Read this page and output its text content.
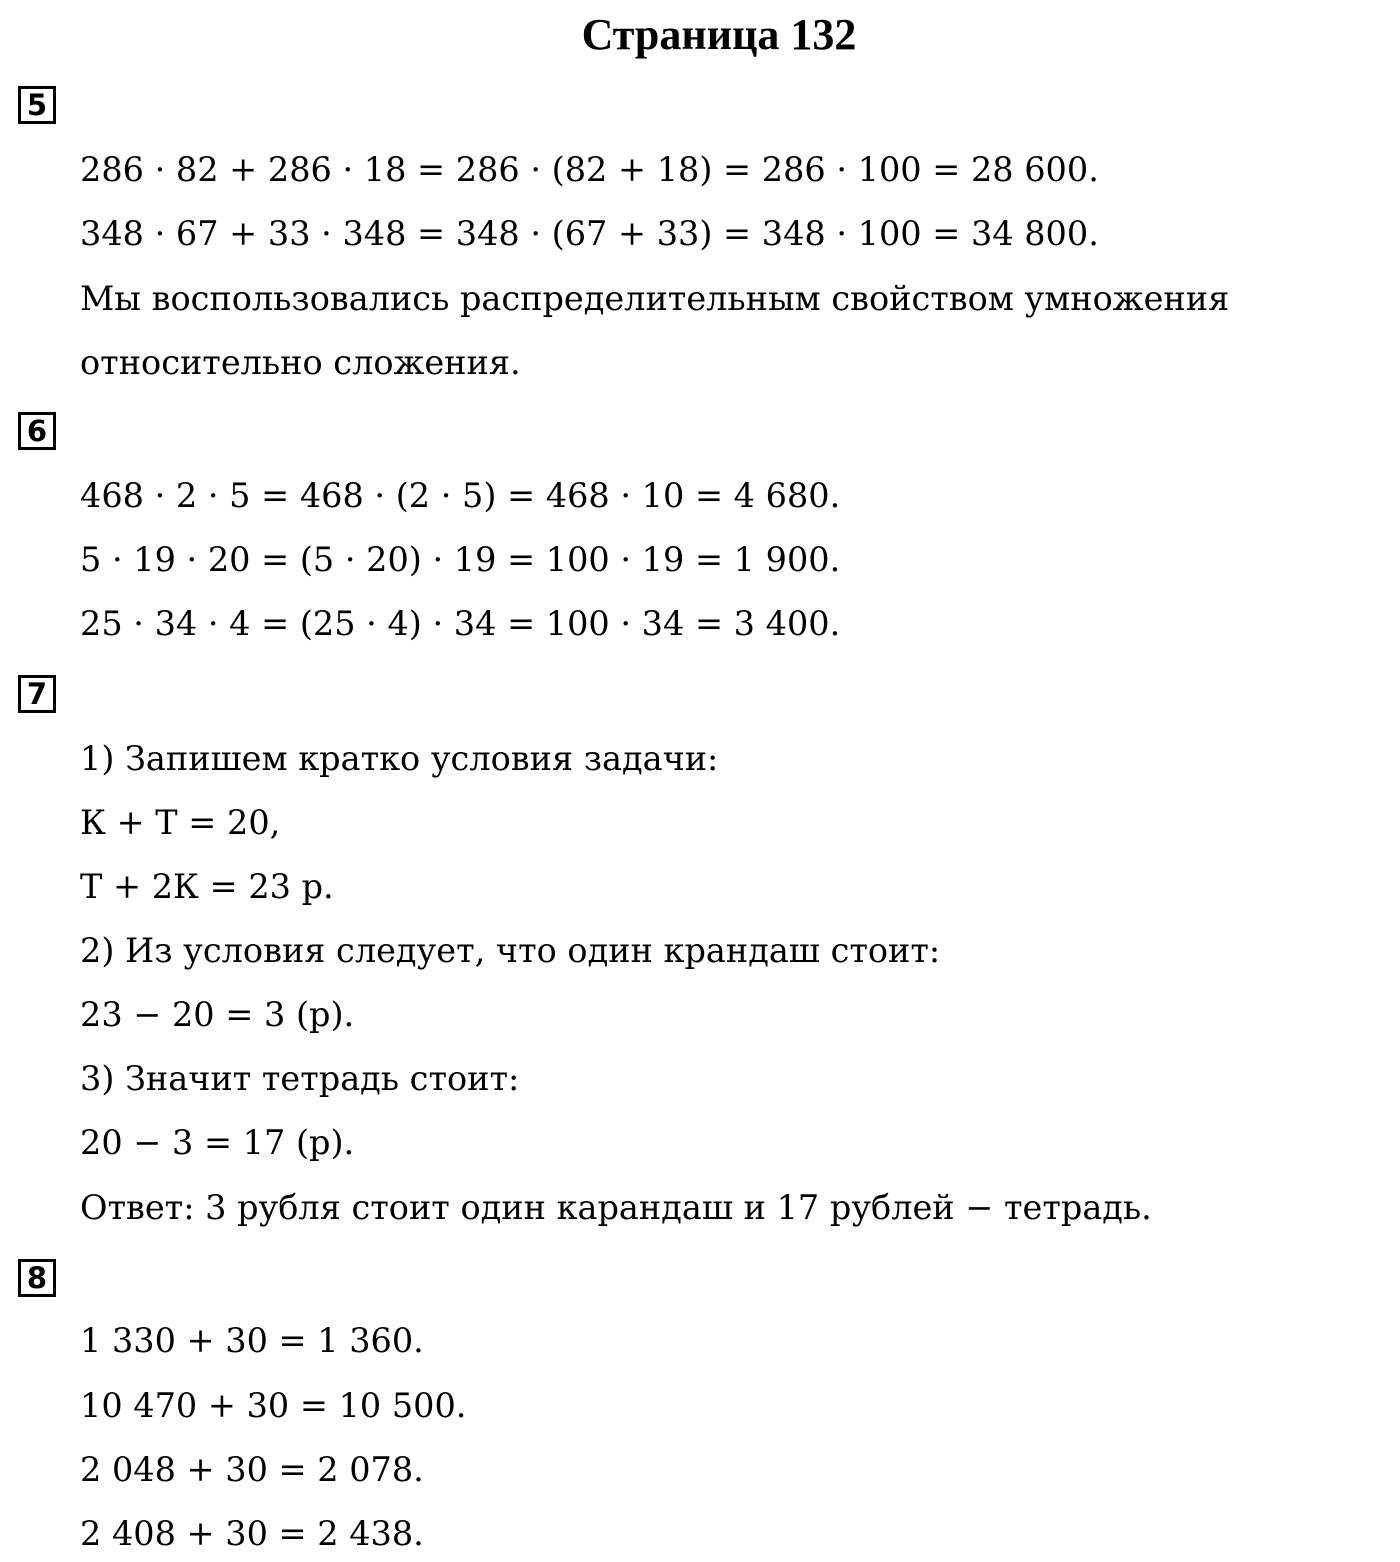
Страница 132
5
286 · 82 + 286 · 18 = 286 · (82 + 18) = 286 · 100 = 28 600.
348 · 67 + 33 · 348 = 348 · (67 + 33) = 348 · 100 = 34 800.
Мы воспользовались распределительным свойством умножения
относительно сложения.
6
468 · 2 · 5 = 468 · (2 · 5) = 468 · 10 = 4 680.
5 · 19 · 20 = (5 · 20) · 19 = 100 · 19 = 1 900.
25 · 34 · 4 = (25 · 4) · 34 = 100 · 34 = 3 400.
7
1) Запишем кратко условия задачи:
К + Т = 20,
Т + 2К = 23 р.
2) Из условия следует, что один крандаш стоит:
23 − 20 = 3 (р).
3) Значит тетрадь стоит:
20 − 3 = 17 (р).
Ответ: 3 рубля стоит один карандаш и 17 рублей − тетрадь.
8
1 330 + 30 = 1 360.
10 470 + 30 = 10 500.
2 048 + 30 = 2 078.
2 408 + 30 = 2 438.
